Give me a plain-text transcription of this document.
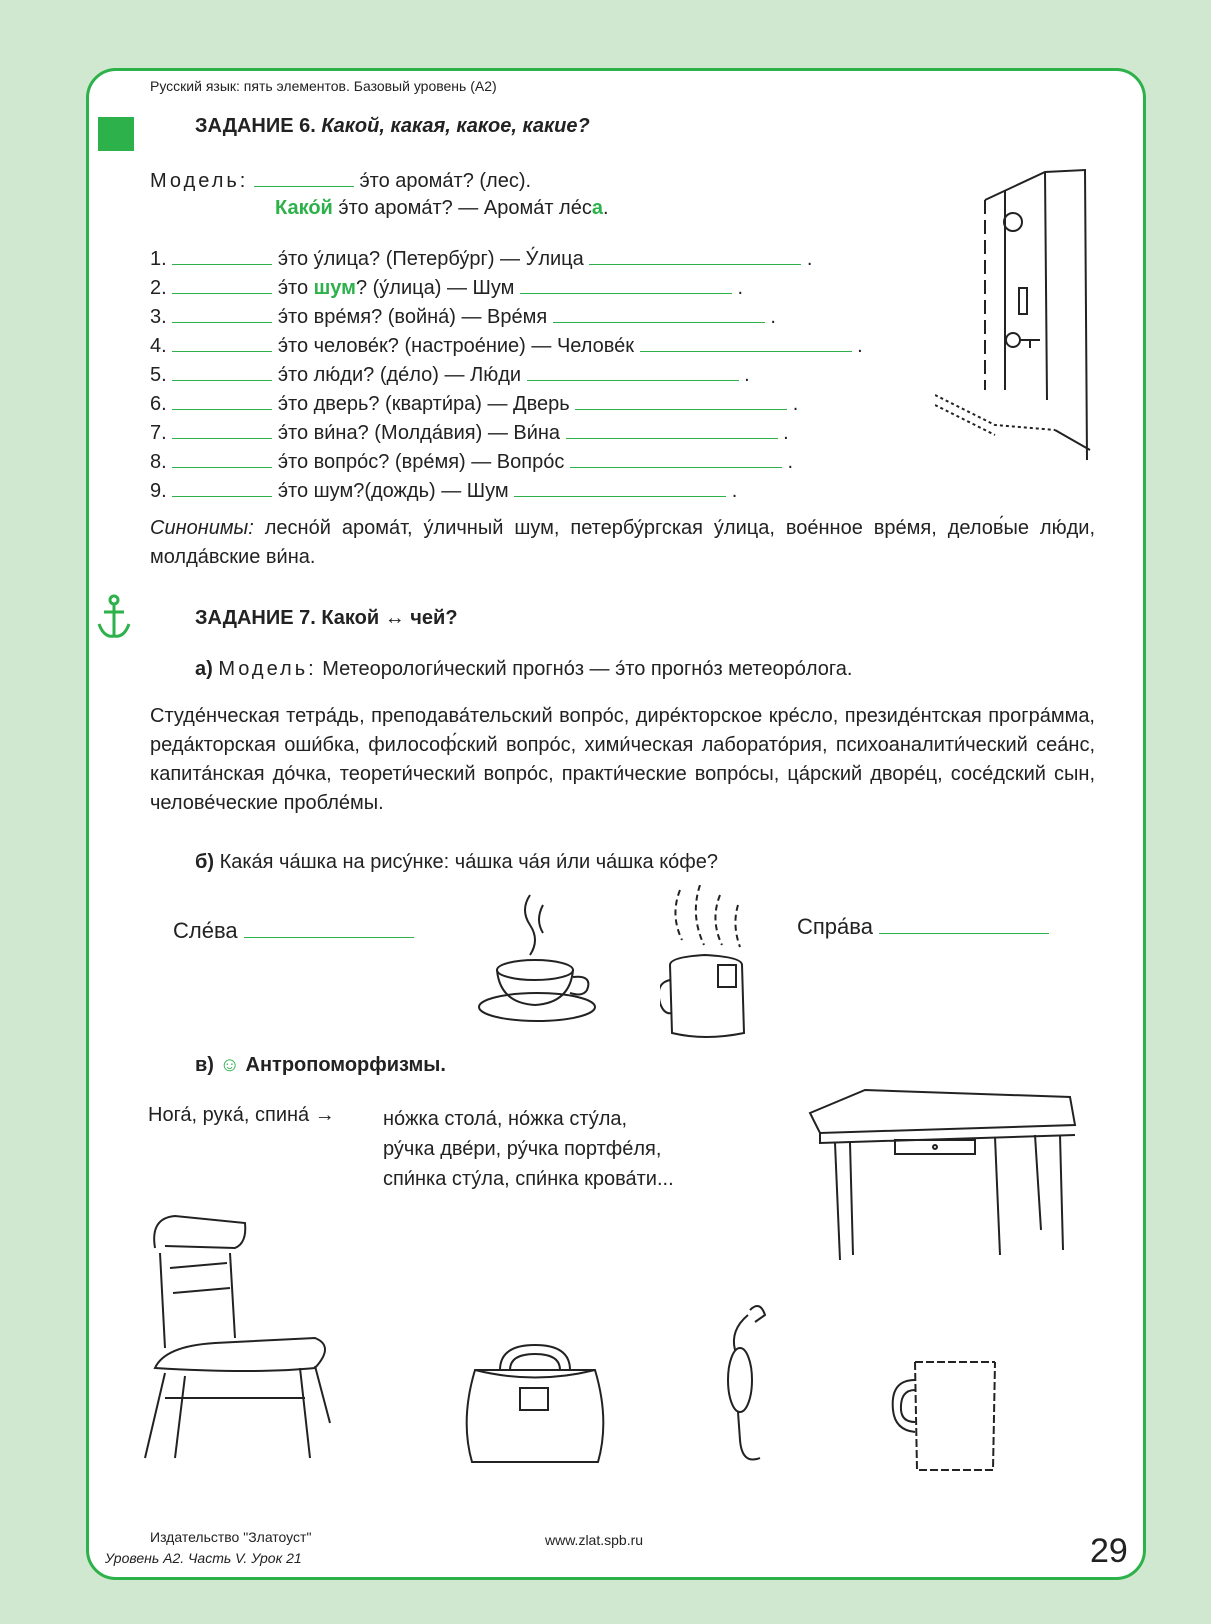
Русский язык: пять элементов. Базовый уровень (А2)
ЗАДАНИЕ 6. Какой, какая, какое, какие?
Модель:	э́то арома́т? (лес).
Како́й э́то арома́т? — Арома́т ле́са.
1.	э́то у́лица? (Петербу́рг) — У́лица	.
2.	э́то шум? (у́лица) — Шум	.
3.	э́то вре́мя? (война́) — Вре́мя	.
4.	э́то челове́к? (настрое́ние) — Челове́к	.
5.	э́то лю́ди? (де́ло) — Лю́ди	.
6.	э́то дверь? (кварти́ра) — Дверь	.
7.	э́то ви́на? (Молда́вия) — Ви́на	.
8.	э́то вопро́с? (вре́мя) — Вопро́с	.
9.	э́то шум?(дождь) — Шум	.
Синонимы: лесно́й арома́т, у́личный шум, петербу́ргская у́лица, вое́нное вре́мя, делов́ые лю́ди, молда́вские ви́на.
ЗАДАНИЕ 7. Какой ↔ чей?
а) Модель: Метеорологи́ческий прогно́з — э́то прогно́з метеоро́лога.
Студе́нческая тетра́дь, преподава́тельский вопро́с, дире́кторское кре́сло, президе́нтская програ́мма, реда́кторская оши́бка, философ́ский вопро́с, хими́ческая лаборато́рия, психоаналити́ческий сеа́нс, капита́нская до́чка, теорети́ческий вопро́с, практи́ческие вопро́сы, ца́рский дворе́ц, сосе́дский сын, челове́ческие пробле́мы.
б) Кака́я ча́шка на рису́нке: ча́шка ча́я и́ли ча́шка ко́фе?
Сле́ва	Спра́ва
в) ☺ Антропоморфизмы.
Нога́, рука́, спина́ → но́жка стола́, но́жка сту́ла,
ру́чка две́ри, ру́чка портфе́ля,
спи́нка сту́ла, спи́нка крова́ти...
Издательство "Златоуст"
Уровень А2. Часть V. Урок 21
www.zlat.spb.ru	29
